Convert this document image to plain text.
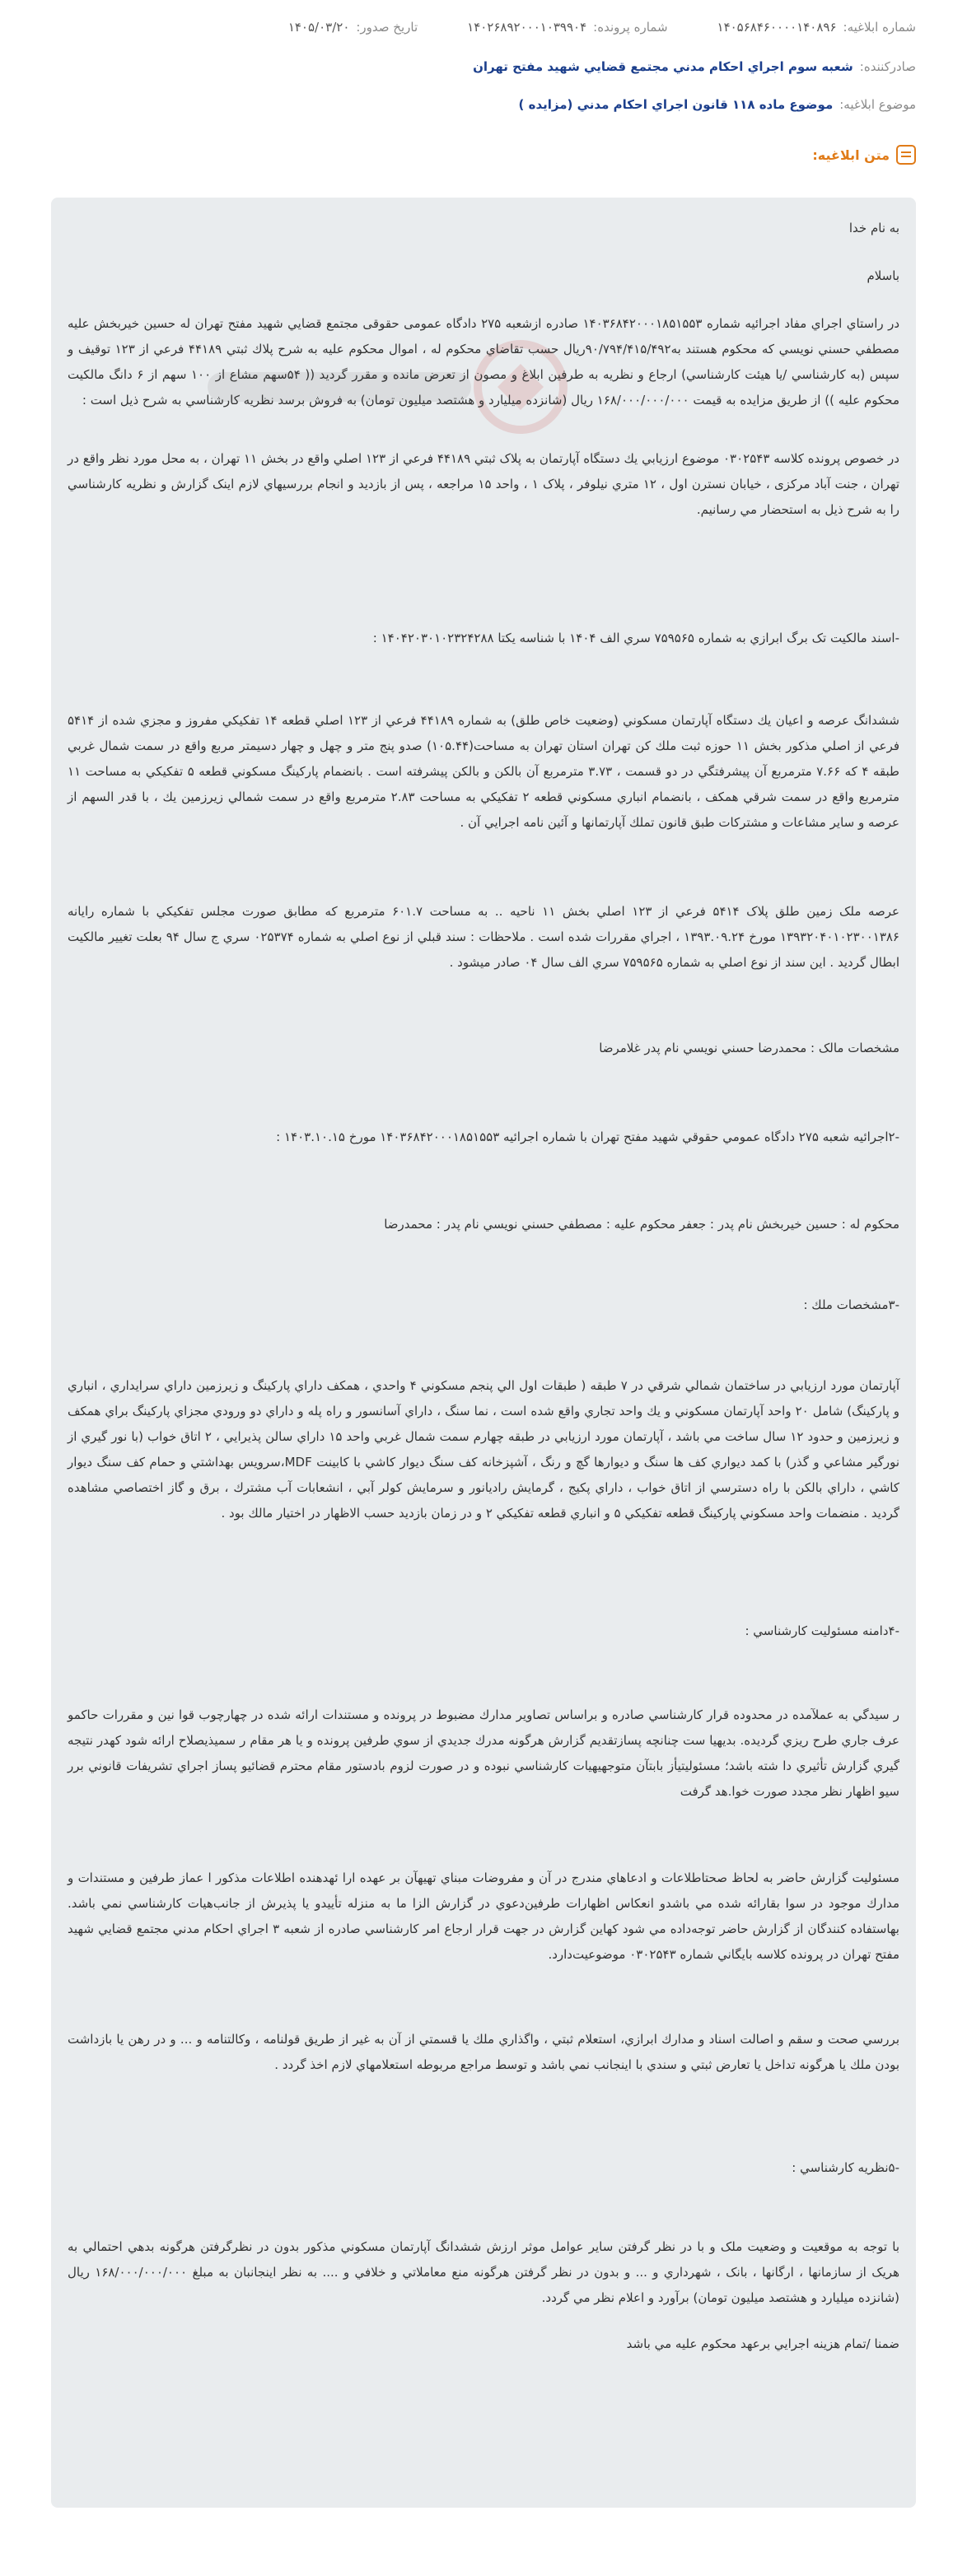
شماره ابلاغیه:
۱۴۰۵۶۸۴۶۰۰۰۰۱۴۰۸۹۶
شماره پرونده:
۱۴۰۲۶۸۹۲۰۰۰۱۰۳۹۹۰۴
تاریخ صدور:
۱۴۰۵/۰۳/۲۰
صادرکننده:
شعبه سوم اجراي احكام مدني مجتمع قضايي شهيد مفتح تهران
موضوع ابلاغیه:
موضوع ماده ۱۱۸ قانون اجراي احكام مدني (مزايده )
متن ابلاغیه:

به نام خدا

باسلام

در راستاي اجراي مفاد اجرائيه شماره ۱۴۰۳۶۸۴۲۰۰۰۱۸۵۱۵۵۳ صادره ازشعبه ۲۷۵ دادگاه عمومی حقوقی مجتمع قضايي شهيد مفتح تهران له حسين خيربخش عليه مصطفي حسني نويسي كه محكوم هستند به۹۰/۷۹۴/۴۱۵/۴۹۲ريال حسب تقاضاي محکوم له ، اموال محکوم علیه به شرح پلاك ثبتي ۴۴۱۸۹ فرعي از ۱۲۳ توقيف و سپس (به كارشناسي /يا هيئت كارشناسي) ارجاع و نظريه به طرفين ابلاغ و مصون از تعرض مانده و مقرر گرديد (( ۵۴سهم مشاع از ۱۰۰ سهم از ۶ دانگ مالکیت محکوم علیه )) از طريق مزايده به قيمت ۱۶۸/۰۰۰/۰۰۰/۰۰۰ ريال (شانزده ميليارد و هشتصد ميليون تومان) به فروش برسد نظريه كارشناسي به شرح ذيل است :

در خصوص پرونده کلاسه ۰۳۰۲۵۴۳ موضوع ارزيابي يك دستگاه آپارتمان به پلاک ثبتي ۴۴۱۸۹ فرعي از ۱۲۳ اصلي واقع در بخش ۱۱ تهران ، به محل مورد نظر واقع در تهران ، جنت آباد مرکزی ، خيابان نسترن اول ، ۱۲ متري نيلوفر ، پلاک ۱ ، واحد ۱۵ مراجعه ، پس از بازديد و انجام بررسيهاي لازم اينک گزارش و نظريه كارشناسي را به شرح ذيل به استحضار مي رسانيم.

-اسند مالکيت تک برگ ابرازي به شماره ۷۵۹۵۶۵ سري الف ۱۴۰۴ با شناسه يکتا ۱۴۰۴۲۰۳۰۱۰۲۳۲۴۲۸۸ :

ششدانگ عرصه و اعيان يك دستگاه آپارتمان مسكوني (وضعيت خاص طلق) به شماره ۴۴۱۸۹ فرعي از ۱۲۳ اصلي قطعه ۱۴ تفکيکي مفروز و مجزي شده از ۵۴۱۴ فرعي از اصلي مذکور بخش ۱۱ حوزه ثبت ملك كن تهران استان تهران به مساحت(۱۰۵.۴۴) صدو پنج متر و چهل و چهار دسيمتر مربع واقع در سمت شمال غربي طبقه ۴ كه ۷.۶۶ مترمربع آن پيشرفتگي در دو قسمت ، ۳.۷۳ مترمربع آن بالکن و بالکن پيشرفته است . بانضمام پاركينگ مسكوني قطعه ۵ تفكيكي به مساحت ۱۱ مترمربع واقع در سمت شرقي همكف ، بانضمام انباري مسكوني قطعه ۲ تفكيكي به مساحت ۲.۸۳ مترمربع واقع در سمت شمالي زيرزمين يك ، با قدر السهم از عرصه و ساير مشاعات و مشتركات طبق قانون تملك آپارتمانها و آئين نامه اجرايي آن .

عرصه ملک زمين طلق پلاک ۵۴۱۴ فرعي از ۱۲۳ اصلي بخش ۱۱ ناحيه .. به مساحت ۶۰۱.۷ مترمربع که مطابق صورت مجلس تفکيکي با شماره رايانه ۱۳۹۳۲۰۴۰۱۰۲۳۰۰۱۳۸۶ مورخ ۱۳۹۳.۰۹.۲۴ ، اجراي مقررات شده است . ملاحظات : سند قبلي از نوع اصلي به شماره ۰۲۵۳۷۴ سري ج سال ۹۴ بعلت تغيير مالکيت ابطال گرديد . اين سند از نوع اصلي به شماره ۷۵۹۵۶۵ سري الف سال ۰۴ صادر ميشود .

مشخصات مالک : محمدرضا حسني نويسي نام پدر غلامرضا

-۲اجرائيه شعبه ۲۷۵ دادگاه عمومي حقوقي شهيد مفتح تهران با شماره اجرائيه ۱۴۰۳۶۸۴۲۰۰۰۱۸۵۱۵۵۳ مورخ ۱۴۰۳.۱۰.۱۵ :

محکوم له : حسين خيربخش نام پدر : جعفر محکوم عليه : مصطفي حسني نويسي نام پدر : محمدرضا

-۳مشخصات ملك :

آپارتمان مورد ارزيابي در ساختمان شمالي شرقي در ۷ طبقه ( طبقات اول الي پنجم مسكوني ۴ واحدي ، همكف داراي پاركينگ و زيرزمين داراي سرايداري ، انباري و پاركينگ) شامل ۲۰ واحد آپارتمان مسكوني و يك واحد تجاري واقع شده است ، نما سنگ ، داراي آسانسور و راه پله و داراي دو ورودي مجزاي پاركينگ براي همكف و زيرزمين و حدود ۱۲ سال ساخت مي باشد ، آپارتمان مورد ارزيابي در طبقه چهارم سمت شمال غربي واحد ۱۵ داراي سالن پذيرايي ، ۲ اتاق خواب (با نور گيري از نورگير مشاعي و گذر) با كمد ديواري كف ها سنگ و ديوارها گچ و رنگ ، آشپزخانه كف سنگ ديوار كاشي با كابينت MDF،سرويس بهداشتي و حمام كف سنگ ديوار كاشي ، داراي بالكن با راه دسترسي از اتاق خواب ، داراي پكيج ، گرمايش راديانور و سرمايش كولر آبي ، انشعابات آب مشترك ، برق و گاز اختصاصي مشاهده گرديد . منضمات واحد مسكوني پاركينگ قطعه تفكيكي ۵ و انباري قطعه تفكيكي ۲ و در زمان بازديد حسب الاظهار در اختيار مالك بود .

-۴دامنه مسئوليت كارشناسي :

ر سيدگي به عملآمده در محدوده قرار كارشناسي صادره و براساس تصاوير مدارك مضبوط در پرونده و مستندات ارائه شده در چهارچوب قوا نين و مقررات حاكمو عرف جاري طرح ريزي گرديده. بديهيا ست چنانچه پسازتقديم گزارش هرگونه مدرك جديدي از سوي طرفين پرونده و يا هر مقام ر سمیذيصلاح ارائه شود كهدر نتيجه گيري گزارش تأثيري دا شته باشد؛ مسئوليتيأز بابتآن متوجهيهيات كارشناسي نبوده و در صورت لزوم بادستور مقام محترم قضائيو پساز اجراي تشريفات قانوني برر سيو اظهار نظر مجدد صورت خوا.هد گرفت

مسئوليت گزارش حاضر به لحاظ صحتاطلاعات و ادعاهاي مندرج در آن و مفروضات مبناي تهيهآن بر عهده ارا ئهدهنده اطلاعات مذكور ا عماز طرفين و مستندات و مدارك موجود در سوا بقارائه شده مي باشدو انعكاس اظهارات طرفين‌دعوي در گزارش الزا ما به منزله تأييدو يا پذيرش از جانب‌هيات كارشناسي نمي باشد. بهاستفاده كنندگان از گزارش حاضر توجه‌داده مي شود كهاين گزارش در جهت قرار ارجاع امر كارشناسي صادره از شعبه ۳ اجراي احكام مدني مجتمع قضايي شهيد مفتح تهران در پرونده كلاسه بايگاني شماره ۰۳۰۲۵۴۳ موضوعيت‌دارد.

بررسي صحت و سقم و اصالت اسناد و مدارك ابرازي، استعلام ثبتي ، واگذاري ملك يا قسمتي از آن به غير از طريق قولنامه ، وكالتنامه و ... و در رهن يا بازداشت بودن ملك يا هرگونه تداخل يا تعارض ثبتي و سندي با اينجانب نمي باشد و توسط مراجع مربوطه استعلامهاي لازم اخذ گردد .

-۵نظريه كارشناسي :

با توجه به موقعيت و وضعيت ملک و با در نظر گرفتن ساير عوامل موثر ارزش ششدانگ آپارتمان مسكوني مذکور بدون در نظرگرفتن هرگونه بدهي احتمالي به هريک از سازمانها ، ارگانها ، بانک ، شهرداري و ... و بدون در نظر گرفتن هرگونه منع معاملاتي و خلافي و .... به نظر اينجانبان به مبلغ ۱۶۸/۰۰۰/۰۰۰/۰۰۰ ريال (شانزده ميليارد و هشتصد ميليون تومان) برآورد و اعلام نظر مي گردد.

ضمنا /تمام هزينه اجرايي برعهد محکوم عليه مي باشد
